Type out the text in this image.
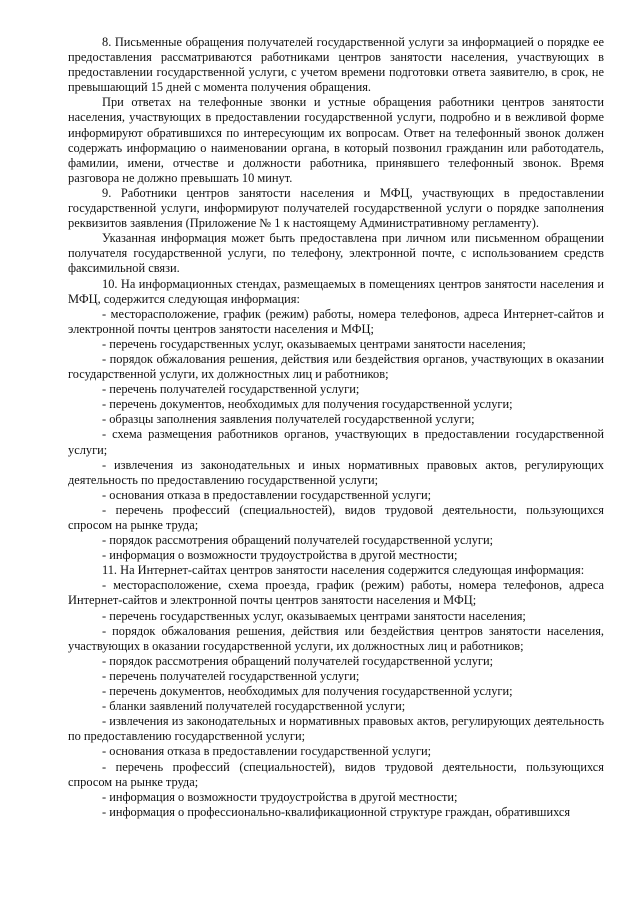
8. Письменные обращения получателей государственной услуги за информацией о порядке ее предоставления рассматриваются работниками центров занятости населения, участвующих в предоставлении государственной услуги, с учетом времени подготовки ответа заявителю, в срок, не превышающий 15 дней с момента получения обращения.

При ответах на телефонные звонки и устные обращения работники центров занятости населения, участвующих в предоставлении государственной услуги, подробно и в вежливой форме информируют обратившихся по интересующим их вопросам. Ответ на телефонный звонок должен содержать информацию о наименовании органа, в который позвонил гражданин или работодатель, фамилии, имени, отчестве и должности работника, принявшего телефонный звонок. Время разговора не должно превышать 10 минут.

9. Работники центров занятости населения и МФЦ, участвующих в предоставлении государственной услуги, информируют получателей государственной услуги о порядке заполнения реквизитов заявления (Приложение № 1 к настоящему Административному регламенту).

Указанная информация может быть предоставлена при личном или письменном обращении получателя государственной услуги, по телефону, электронной почте, с использованием средств факсимильной связи.

10. На информационных стендах, размещаемых в помещениях центров занятости населения и МФЦ, содержится следующая информация:

- месторасположение, график (режим) работы, номера телефонов, адреса Интернет-сайтов и электронной почты центров занятости населения и МФЦ;

- перечень государственных услуг, оказываемых центрами занятости населения;

- порядок обжалования решения, действия или бездействия органов, участвующих в оказании государственной услуги, их должностных лиц и работников;

- перечень получателей государственной услуги;

- перечень документов, необходимых для получения государственной услуги;

- образцы заполнения заявления получателей государственной услуги;

- схема размещения работников органов, участвующих в предоставлении государственной услуги;

- извлечения из законодательных и иных нормативных правовых актов, регулирующих деятельность по предоставлению государственной услуги;

- основания отказа в предоставлении государственной услуги;

- перечень профессий (специальностей), видов трудовой деятельности, пользующихся спросом на рынке труда;

- порядок рассмотрения обращений получателей государственной услуги;

- информация о возможности трудоустройства в другой местности;

11. На Интернет-сайтах центров занятости населения содержится следующая информация:

- месторасположение, схема проезда, график (режим) работы, номера телефонов, адреса Интернет-сайтов и электронной почты центров занятости населения и МФЦ;

- перечень государственных услуг, оказываемых центрами занятости населения;

- порядок обжалования решения, действия или бездействия центров занятости населения, участвующих в оказании государственной услуги, их должностных лиц и работников;

- порядок рассмотрения обращений получателей государственной услуги;

- перечень получателей государственной услуги;

- перечень документов, необходимых для получения государственной услуги;

- бланки заявлений получателей государственной услуги;

- извлечения из законодательных и нормативных правовых актов, регулирующих деятельность по предоставлению государственной услуги;

- основания отказа в предоставлении государственной услуги;

- перечень профессий (специальностей), видов трудовой деятельности, пользующихся спросом на рынке труда;

- информация о возможности трудоустройства в другой местности;

- информация о профессионально-квалификационной структуре граждан, обратившихся
